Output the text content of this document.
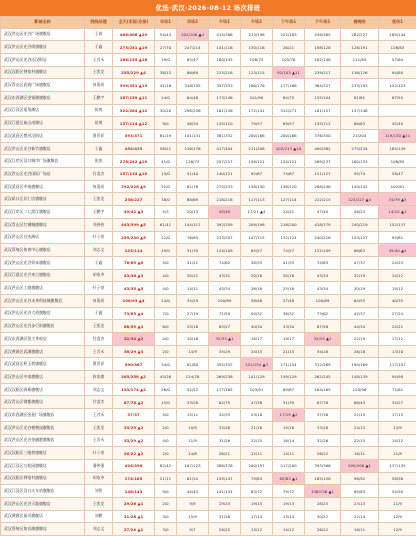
优选·武汉·2026-08-12 场次排班
影城名称	院线经理	全天(实际/应排)	早场1	早场2	午场1	午场2	下午场1	下午场2	傍晚场	夜场1
武汉洪山区光谷广场旗舰店	王霖	466/406 ▲29	54/43	102/106 ▲4	415/386	213/196	222/183	436/385	282/227	189/144
武汉洪山区光谷街旗舰店	于鑫	273/231 ▲19	27/70	247/214	141/116	130/116	26/21	198/128	128/191	126/83
武汉洪山区光谷店汉街店	王君禾	188/155 ▲18	19/0	65/47	180/145	108/75	105/78	182/148	111/85	57/64
武汉汉阳区钟家村旗舰店	王凯龙	255/229 ▲4	38/12	86/69	225/218	123/115	92/103 ▲11	239/217	136/126	94/80
武汉青山区武商广场旗舰店	何嘉成	399/351 ▲13	41/18	318/155	357/333	186/176	177/166	384/327	233/193	152/123
武汉东西湖区金银湖旗舰店	王鹏宇	187/159 ▲11	14/0	64/48	173/146	101/90	84/75	155/104	81/61	67/55
武汉江汉区菱角湖店	侯爽	324/284 ▲12	30/20	298/256	161/136	172/141	312/271	181/157	157/148	
武汉江夏区庙山南湖店	侯爽	137/114 ▲12	9/0	46/34	135/110	79/57	69/57	135/112	86/63	45/40
武汉武昌区楚河汉街店	曹晋祥	393/371	61/19	141/131	381/352	200/186	200/186	376/350	21/204	119/130 ▲11
武汉洪山区光谷新竹旗舰店	于鑫	454/425	58/21	216/176	417/404	211/208	203/213 ▲10	400/382	275/234	185/149
武汉江岸区汉口城市广场旗舰店	张凯	276/242 ▲10	41/0	116/73	257/227	158/121	134/121	269/237	160/133	106/85
武汉洪山区光谷国际广场店	付睿杰	157/134 ▲10	13/0	51/40	140/121	92/67	74/67	151/127	95/74	58/47
武汉武昌区中南旗舰店	何嘉成	292/226 ▲9	32/0	81/78	275/233	158/130	136/120	268/246	150/142	102/81
武汉硚口区居仁店旗舰店	王凯龙	238/227	38/0	86/69	218/216	117/113	127/114	222/215	123/127 ▲4	74/79 ▲5
武汉江岸区二七滨江旗舰店	王鹏宇	49/42 ▲3	5/3	20/13	45/40	17/21 ▲4	24/21	47/40	26/23	14/15 ▲1
武汉青山区红钢城旗舰店	刘善伟	443/399 ▲5	61/41	144/117	392/359	209/198	216/200	418/379	240/219	152/137
武汉洪山区白沙洲店	叶子豪	259/230 ▲5	22/0	76/65	233/207	147/115	132/124	240/218	153/127	95/81
武汉蔡甸区体育中心旗舰店	刘志文	125/114	19/0	51/35	124/109	65/57	74/57	122/109	68/63	35/40 ▲5
武汉洪山区光谷资本旗舰店	于鑫	76/65 ▲6	4/0	31/21	74/62	38/33	41/33	74/63	47/37	24/23
武汉江夏区光谷来日旗舰店	胡家齐	43/36 ▲3	4/0	30/21	43/31	20/16	30/18	43/34	32/19	24/12
武汉洪山区工商旗舰店	叶子豪	43/35 ▲5	4/0	14/11	43/34	26/18	25/18	43/34	30/19	19/12
武汉洪山区光谷未来科技城旗舰店	何嘉成	100/93 ▲4	14/0	34/29	100/89	58/46	57/48	100/89	64/55	40/35
武汉洪山区光谷大道旗舰店	于鑫	73/63 ▲4	7/0	27/19	71/59	40/32	38/32	73/62	42/37	27/24
武汉洪山区光谷步行街旗舰店	王凯龙	68/59 ▲4	6/0	25/18	65/57	40/30	33/30	67/58	44/34	24/21
武汉东西湖区恒大华府店	付睿杰	32/34 ▲2	4/0	10/18	32/33 ▲1	18/17	19/17	32/33 ▲1	22/19	17/12
武汉黄陂区武湖旗舰店	王君禾	36/29 ▲3	2/0	14/9	35/29	24/15	21/15	34/28	26/18	13/10
武汉武昌区积玉桥旗舰店	曹晋祥	390/367	34/0	81/80	355/352	151/154 ▲3	171/154	312/289	190/169	117/107
武汉洪山区中南旗舰店	陈家旗	285/258 ▲2	45/26	124/78	269/238	141/129	149/129	262/245	148/139	94/90
武汉汉阳区四新旗舰店	刘志文	193/174 ▲2	26/0	52/52	177/165	103/91	89/87	184/165	120/96	71/61
武汉青山区钢都旗舰店	付睿杰	87/78 ▲2	15/0	33/26	82/75	47/38	51/39	87/78	66/43	34/27
武汉东西湖区金星广场旗舰店	王君禾	37/37	4/0	15/11	34/33	23/18	17/19 ▲2	37/36	22/19	17/15
武汉洪山区光谷植物园旗舰店	王凯龙	33/29 ▲2	2/0	10/9	33/28	21/16	19/16	33/28	24/15	13/9
武汉洪山区光谷金融港旗舰店	王君禾	33/29 ▲2	4/0	11/9	31/26	22/15	16/14	32/26	22/15	14/12
武汉汉阳区三眼桥旗舰店	叶子豪	26/22 ▲2	2/0	14/8	26/21	12/11	14/11	26/22	16/11	11/8
武汉江汉区万松园旗舰店	潘伟强	426/398	82/42	167/123	388/378	200/197	217/200	393/368	205/206 ▲1	137/135
武汉汉阳区钟家村旗舰店	胡家齐	174/165	21/11	61/52	159/147	79/83	82/83 ▲1	165/158	96/92	58/58
武汉江汉区汉口火车站旗舰店	刘智	146/143	9/0	44/43	141/134	83/72	79/72	136/136 ▲1	89/83	54/50
武汉洪山区光谷天地旗舰店	王凯龙	29/26 ▲1	2/0	9/9	29/25	19/15	19/13	28/25	23/13	11/9
武汉黄陂区前川旗舰店	刘鹏	31/28 ▲1	3/0	15/9	31/28	17/14	13/14	30/27	22/14	12/9
武汉蔡甸区知音湖旗舰店	刘志文	27/24 ▲1	3/0	9/7	26/22	13/12	14/12	26/22	18/11	12/9
